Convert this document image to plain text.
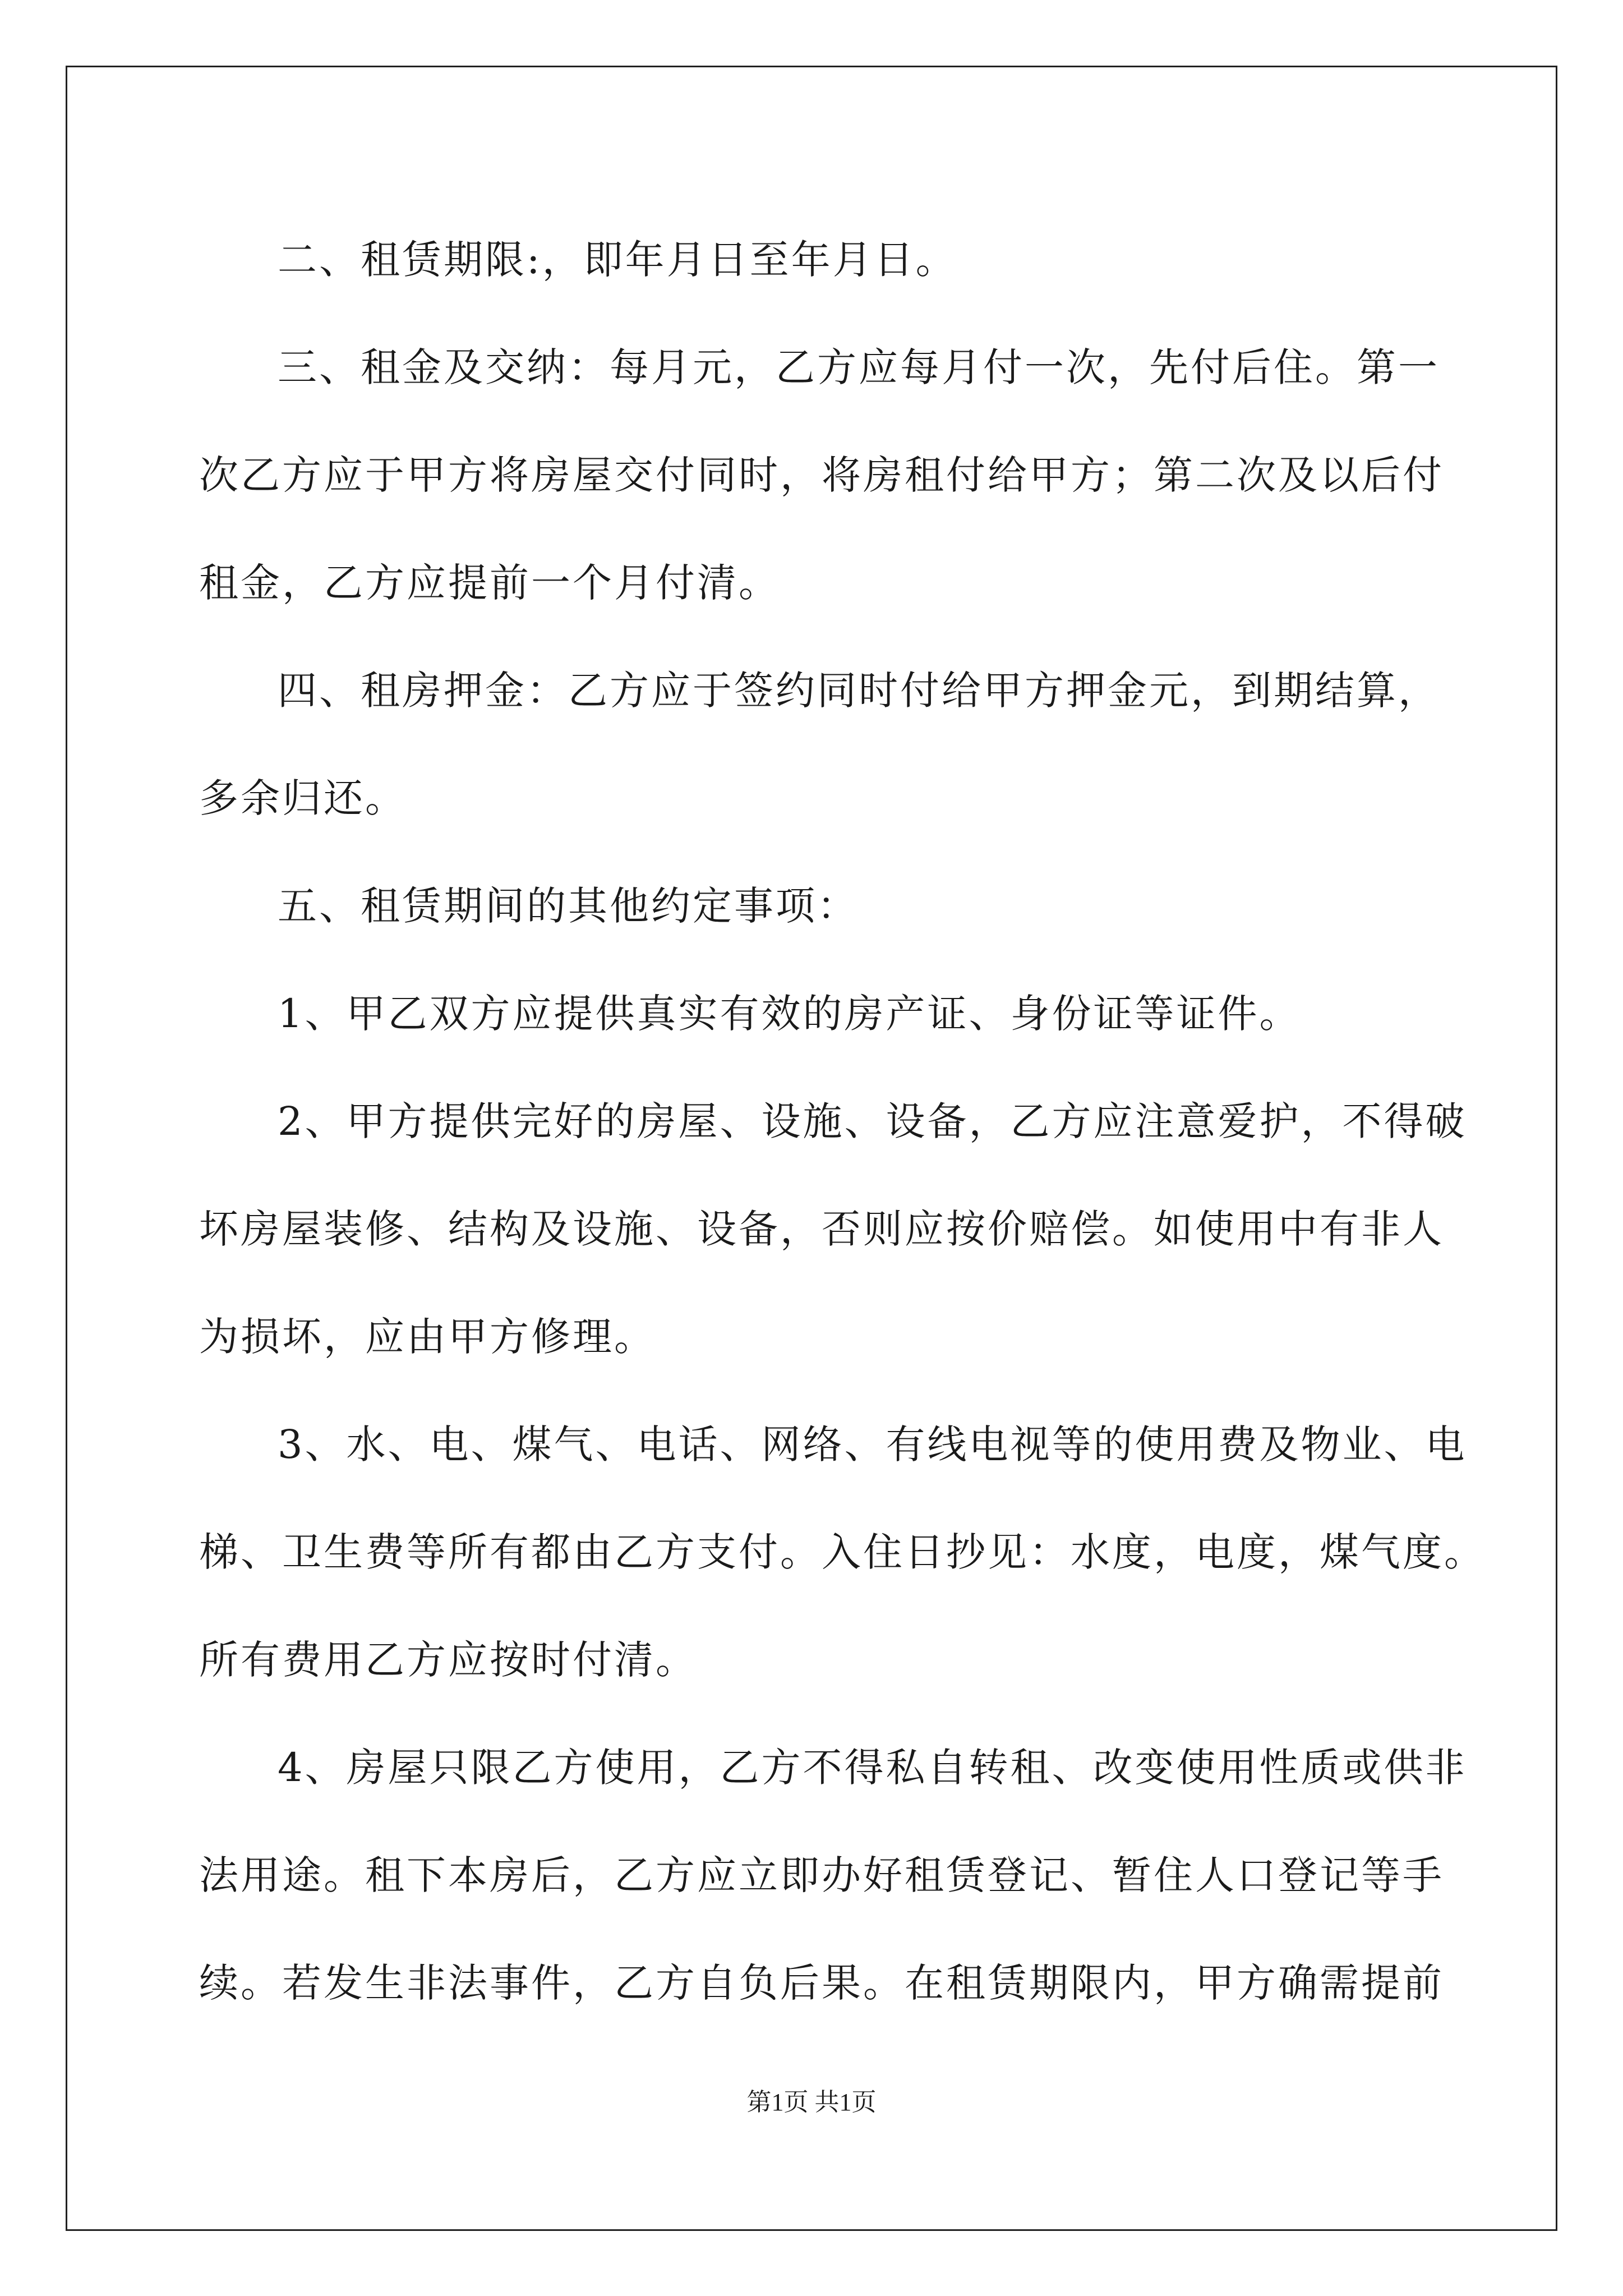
二、租赁期限:，即年月日至年月日。
三、租金及交纳：每月元，乙方应每月付一次，先付后住。第一
次乙方应于甲方将房屋交付同时，将房租付给甲方；第二次及以后付
租金，乙方应提前一个月付清。
四、租房押金：乙方应于签约同时付给甲方押金元，到期结算，
多余归还。
五、租赁期间的其他约定事项：
1、甲乙双方应提供真实有效的房产证、身份证等证件。
2、甲方提供完好的房屋、设施、设备，乙方应注意爱护，不得破
坏房屋装修、结构及设施、设备，否则应按价赔偿。如使用中有非人
为损坏，应由甲方修理。
3、水、电、煤气、电话、网络、有线电视等的使用费及物业、电
梯、卫生费等所有都由乙方支付。入住日抄见：水度，电度，煤气度。
所有费用乙方应按时付清。
4、房屋只限乙方使用，乙方不得私自转租、改变使用性质或供非
法用途。租下本房后，乙方应立即办好租赁登记、暂住人口登记等手
续。若发生非法事件，乙方自负后果。在租赁期限内，甲方确需提前
第1页 共1页
